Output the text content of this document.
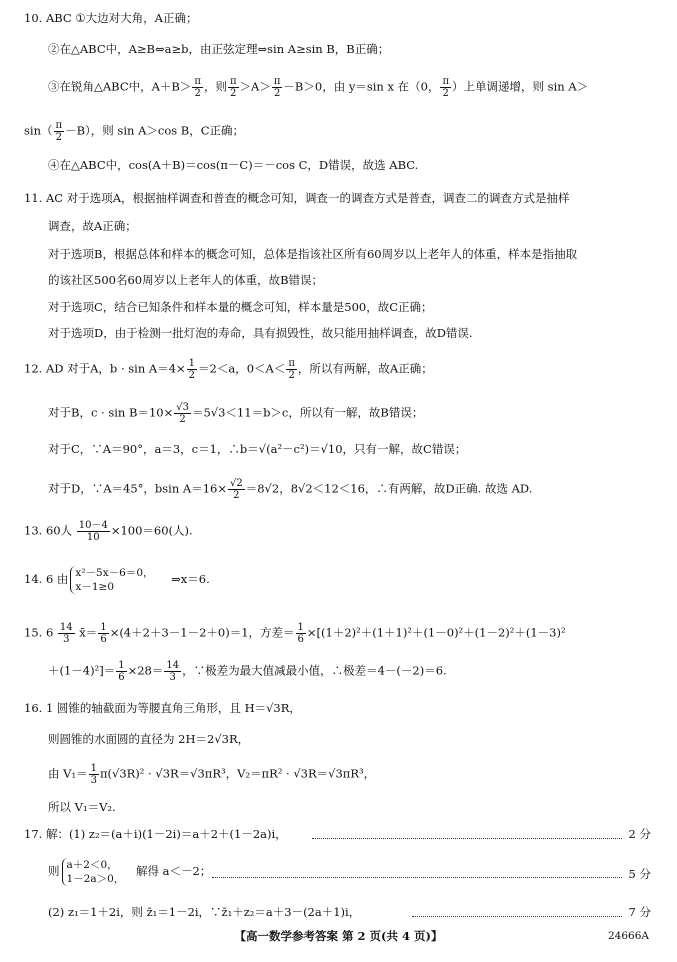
10. ABC ①大边对大角，A正确；
②在△ABC中，A≥B⇔a≥b，由正弦定理⇔sin A≥sin B，B正确；
③在锐角△ABC中，$A+B> \frac{\pi}{2}$ ，则 $\frac{\pi}{2} >A> \frac{\pi}{2} -B>0$，由 y＝sin x 在（0， $\frac{\pi}{2}$ ）上单调递增，则 sin A＞
$\sin( \frac{\pi}{2} -B)$，则 sin A＞cos B，C正确；
④在△ABC中，cos(A＋B)＝cos(π－C)＝－cos C，D错误，故选 ABC.
11. AC 对于选项A，根据抽样调查和普查的概念可知，调查一的调查方式是普查，调查二的调查方式是抽样
调查，故A正确；
对于选项B，根据总体和样本的概念可知，总体是指该社区所有60周岁以上老年人的体重，样本是指抽取
的该社区500名60周岁以上老年人的体重，故B错误；
对于选项C，结合已知条件和样本量的概念可知，样本量是500，故C正确；
对于选项D，由于检测一批灯泡的寿命，具有损毁性，故只能用抽样调查，故D错误.
12. AD 对于A，$b \cdot \sin A=4\times \frac{1}{2} =2<a$，$0<A< \frac{\pi}{2}$ ，所以有两解，故A正确；
对于B，$c \cdot \sin B=10\times \frac{√3}{2} =5√3<11=b>c$，所以有一解，故B错误；
对于C，∵A＝90°，a＝3，c＝1，∴b＝√(a²－c²)＝√10，只有一解，故C错误；
对于D，∵A＝45°，bsin $A=16\times \frac{√2}{2} =8√2$，8√2＜12＜16，∴有两解，故D正确. 故选 AD.
13. 60人 $\frac{10-4}{10} \times 100=60$(人).
14. 6 由 x²－5x－6＝0，
x－1≥0
⇒x＝6.
15. $6 \frac{14}{3}$ x̄＝ $\frac{1}{6} \times(4+2+3-1-2+0)=1$，方差＝ $\frac{1}{6} \times[(1+2)^2+(1+1)^2+(1-0)^2+(1-2)^2+(1-3)^2$
$+(1-4)^2]= \frac{1}{6} \times 28= \frac{14}{3}$ ，∵极差为最大值减最小值，∴极差＝4－(－2)＝6.
16. 1 圆锥的轴截面为等腰直角三角形，且 H＝√3R，
则圆锥的水面圆的直径为 2H＝2√3R，
由 $V_1= \frac{1}{3} \pi(√3R)^2 \cdot √3R=√3\pi R^3$，V₂＝πR² · √3R＝√3πR³，
所以 V₁＝V₂.
17. 解：(1) z₂＝(a＋i)(1－2i)＝a＋2＋(1－2a)i，	2 分
则 a＋2＜0，
1－2a＞0，
解得 a＜－2；	5 分
(2) z₁＝1＋2i，则 z̄₁＝1－2i，∵z̄₁＋z₂＝a＋3－(2a＋1)i，	7 分
【高一数学参考答案 第 2 页(共 4 页)】	24666A
